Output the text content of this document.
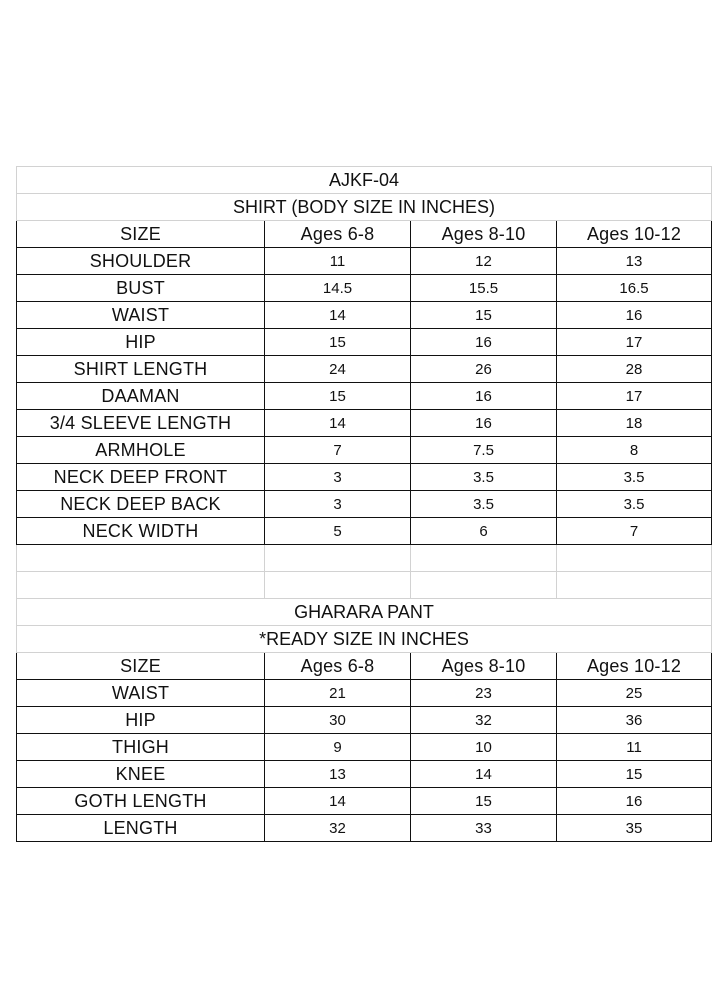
AJKF-04			
SHIRT (BODY SIZE IN INCHES)			
SIZE	Ages 6-8	Ages 8-10	Ages 10-12
SHOULDER	11	12	13
BUST	14.5	15.5	16.5
WAIST	14	15	16
HIP	15	16	17
SHIRT LENGTH	24	26	28
DAAMAN	15	16	17
3/4 SLEEVE LENGTH	14	16	18
ARMHOLE	7	7.5	8
NECK DEEP FRONT	3	3.5	3.5
NECK DEEP BACK	3	3.5	3.5
NECK WIDTH	5	6	7

GHARARA PANT			
*READY SIZE IN INCHES			
SIZE	Ages 6-8	Ages 8-10	Ages 10-12
WAIST	21	23	25
HIP	30	32	36
THIGH	9	10	11
KNEE	13	14	15
GOTH LENGTH	14	15	16
LENGTH	32	33	35
